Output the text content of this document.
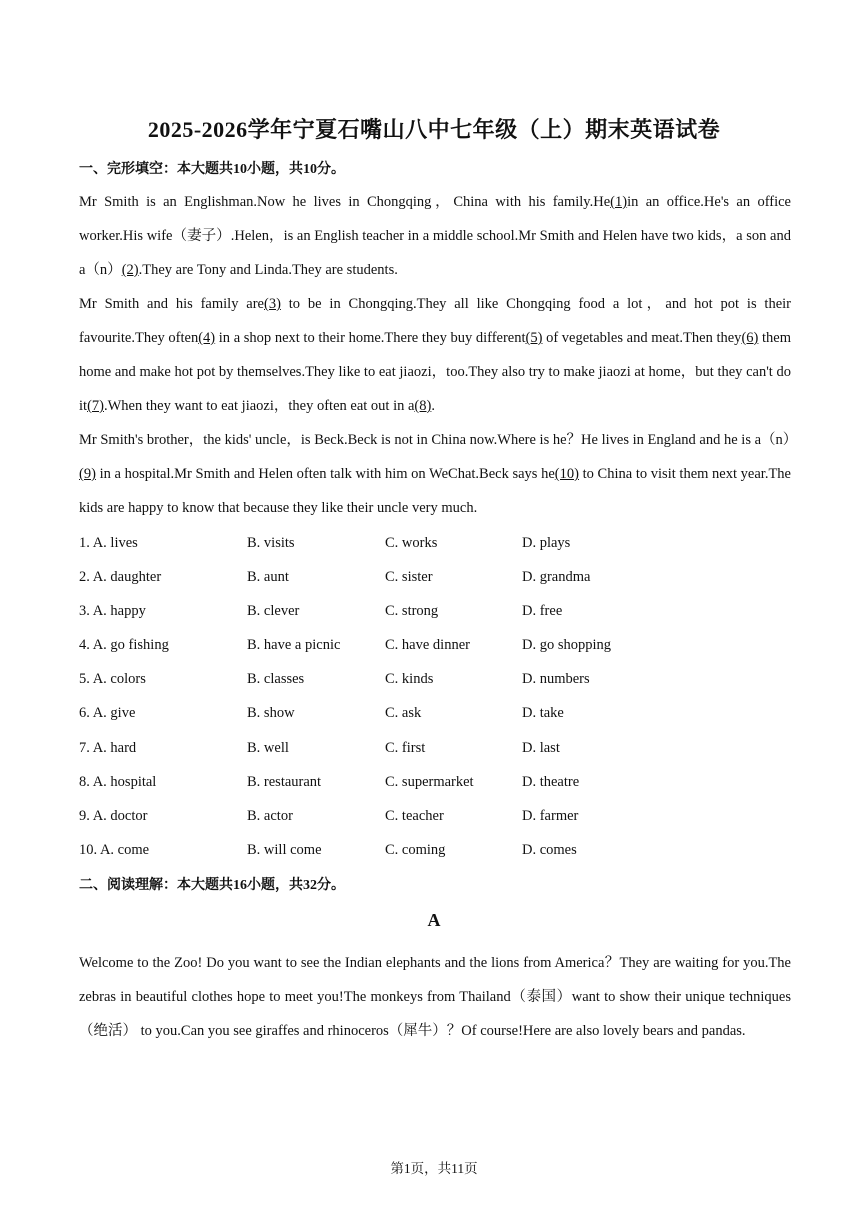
2025-2026学年宁夏石嘴山八中七年级（上）期末英语试卷
一、完形填空：本大题共10小题，共10分。
Mr Smith is an Englishman.Now he lives in Chongqing，China with his family.He(1)in an office.He's an office worker.His wife（妻子）.Helen，is an English teacher in a middle school.Mr Smith and Helen have two kids，a son and a（n）(2).They are Tony and Linda.They are students.
Mr Smith and his family are(3) to be in Chongqing.They all like Chongqing food a lot，and hot pot is their favourite.They often(4) in a shop next to their home.There they buy different(5) of vegetables and meat.Then they(6) them home and make hot pot by themselves.They like to eat jiaozi，too.They also try to make jiaozi at home，but they can't do it(7).When they want to eat jiaozi，they often eat out in a(8).
Mr Smith's brother，the kids' uncle，is Beck.Beck is not in China now.Where is he？He lives in England and he is a（n）(9) in a hospital.Mr Smith and Helen often talk with him on WeChat.Beck says he(10) to China to visit them next year.The kids are happy to know that because they like their uncle very much.
1. A. lives	B. visits	C. works	D. plays
2. A. daughter	B. aunt	C. sister	D. grandma
3. A. happy	B. clever	C. strong	D. free
4. A. go fishing	B. have a picnic	C. have dinner	D. go shopping
5. A. colors	B. classes	C. kinds	D. numbers
6. A. give	B. show	C. ask	D. take
7. A. hard	B. well	C. first	D. last
8. A. hospital	B. restaurant	C. supermarket	D. theatre
9. A. doctor	B. actor	C. teacher	D. farmer
10. A. come	B. will come	C. coming	D. comes
二、阅读理解：本大题共16小题，共32分。
A
Welcome to the Zoo! Do you want to see the Indian elephants and the lions from America？They are waiting for you.The zebras in beautiful clothes hope to meet you!The monkeys from Thailand（泰国）want to show their unique techniques（绝活） to you.Can you see giraffes and rhinoceros（犀牛）？Of course!Here are also lovely bears and pandas.
第1页，共11页
